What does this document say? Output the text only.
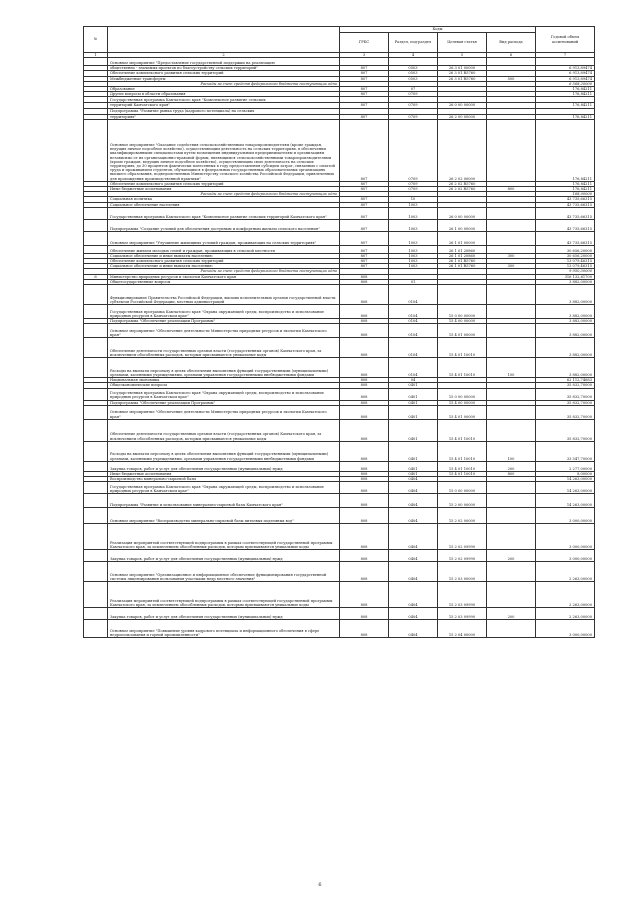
№		Коды				Годовой объем ассигнований
		ГРБС	Раздел, под-раздел	Целевая статья	Вид расхода	
1	2	3	4	5	6	7
	Основное мероприятие "Предоставление государственной поддержки на реализацию					
	общественно - значимых проектов по благоустройству сельских территорий"	807	0503	26 3 01 00000		6 913,89474
	Обеспечение комплексного развития сельских территорий	807	0503	26 3 01 R5760		6 913,89474
	Межбюджетные трансферты	807	0503	26 3 01 R5760	500	6 913,89474
	Расходы за счет средств федерального бюджета поступающих одно					6 568,20000
	Образование	807	07			176,84211
	Другие вопросы в области образования	807	0709			176,84211
	Государственная программа Камчатского края "Комплексное развитие сельских					
	территорий Камчатского края"	807	0709	26 0 00 00000		176,84211
	Подпрограмма "Развитие рынка труда (кадрового потенциала) на сельских					
	территориях"	807	0709	26 2 00 00000		176,84211
	Основное мероприятие "Оказание содействия сельскохозяйственным товаропроизводителям (кроме граждан, ведущих личное подсобное хозяйство), осуществляющим деятельность на сельских территориях, в обеспечении квалифицированными специалистами путем возмещения индивидуальным предпринимателям и организациям независимо от их организационно-правовой формы, являющимся сельскохозяйственными товаропроизводителями (кроме граждан, ведущих личное подсобное хозяйство), осуществляющим свою деятельность на сельских территориях, до 30 процентов фактически понесенных в году предоставления субсидии затрат, связанных с оплатой труда и проживанием студентов, обучающихся в федеральных государственных образовательных организациях высшего образования, подведомственных Министерству сельского хозяйства Российской Федерации, привлеченных для прохождения производственной практики"	807	0709	26 2 02 00000		176,84211
	Обеспечение комплексного развития сельских территорий	807	0709	26 2 02 R5760		176,84211
	Иные бюджетные ассигнования	807	0709	26 2 02 R5760	800	176,84211
	Расходы за счет средств федерального бюджета поступающих одно					168,00000
	Социальная политика	807	10			43 735,66315
	Социальное обеспечение населения	807	1003			43 735,66315
	Государственная программа Камчатского края "Комплексное развитие сельских территорий Камчатского края"	807	1003	26 0 00 00000		43 735,66315
	Подпрограмма "Создание условий для обеспечения доступным и комфортным жильем сельского населения"	807	1003	26 1 00 00000		43 735,66315
	Основное мероприятие "Улучшение жилищных условий граждан, проживающих на сельских территориях"	807	1003	26 1 01 00000		43 735,66315
	Обеспечение жильем молодых семей и граждан, проживающих в сельской местности	807	1003	26 1 01 20860		30 656,20000
	Социальное обеспечение и иные выплаты населению	807	1003	26 1 01 20860	300	30 656,20000
	Обеспечение комплексного развития сельских территорий	807	1003	26 1 01 R5760		13 079,46315
	Социальное обеспечение и иные выплаты населению	807	1003	26 1 01 R5760	300	13 079,46315
	Расходы за счет средств федерального бюджета поступающих одно					9 950,30000
6	Министерство природных ресурсов и экологии Камчатского края	808				316 132,61700
	Общегосударственные вопросы	808	01			3 882,00000
	Функционирование Правительства Российской Федерации, высших исполнительных органов государственной власти субъектов Российской Федерации, местных администраций	808	0104			3 882,00000
	Государственная программа Камчатского края "Охрана окружающей среды, воспроизводство и использование природных ресурсов в Камчатском крае"	808	0104	15 0 00 00000		3 882,00000
	Подпрограмма "Обеспечение реализации Программы"	808	0104	15 4 00 00000		3 882,00000
	Основное мероприятие "Обеспечение деятельности Министерства природных ресурсов и экологии Камчатского края"	808	0104	15 4 01 00000		3 882,00000
	Обеспечение деятельности государственных органов власти (государственных органов) Камчатского края, за исключением обособленных расходов, которым присваиваются уникальные коды	808	0104	15 4 01 10010		3 882,00000
	Расходы на выплаты персоналу в целях обеспечения выполнения функций государственными (муниципальными) органами, казенными учреждениями, органами управления государственными внебюджетными фондами	808	0104	15 4 01 10010	100	3 882,00000
	Национальная экономика	808	04			62 112,74683
	Общеэкономические вопросы	808	0401			35 832,70000
	Государственная программа Камчатского края "Охрана окружающей среды, воспроизводство и использование природных ресурсов в Камчатском крае"	808	0401	15 0 00 00000		35 832,70000
	Подпрограмма "Обеспечение реализации Программы"	808	0401	15 4 00 00000		35 832,70000
	Основное мероприятие "Обеспечение деятельности Министерства природных ресурсов и экологии Камчатского края"	808	0401	15 4 01 00000		35 832,70000
	Обеспечение деятельности государственных органов власти (государственных органов) Камчатского края, за исключением обособленных расходов, которым присваиваются уникальные коды	808	0401	15 4 01 10010		35 832,70000
	Расходы на выплаты персоналу в целях обеспечения выполнения функций государственными (муниципальными) органами, казенными учреждениями, органами управления государственными внебюджетными фондами	808	0401	15 4 01 10010	100	33 547,70000
	Закупка товаров, работ и услуг для обеспечения государственных (муниципальных) нужд	808	0401	15 4 01 10010	200	2 277,00000
	Иные бюджетные ассигнования	808	0401	15 4 01 10010	800	8,00000
	Воспроизводство минерально-сырьевой базы	808	0404			14 263,00000
	Государственная программа Камчатского края "Охрана окружающей среды, воспроизводство и использование природных ресурсов в Камчатском крае"	808	0404	15 0 00 00000		14 263,00000
	Подпрограмма "Развитие и использование минерально-сырьевой базы Камчатского края"	808	0404	15 2 00 00000		14 263,00000
	Основное мероприятие "Воспроизводство минерально-сырьевой базы питьевых подземных вод"	808	0404	15 2 02 00000		3 000,00000
	Реализация мероприятий соответствующей подпрограммы в рамках соответствующей государственной программы Камчатского края, за исключением обособленных расходов, которым присваиваются уникальные коды	808	0404	15 2 02 09990		3 000,00000
	Закупка товаров, работ и услуг для обеспечения государственных (муниципальных) нужд	808	0404	15 2 02 09990	200	3 000,00000
	Основное мероприятие "Организационное и информационное обеспечение функционирования государственной системы лицензирования пользования участками недр местного значения"	808	0404	15 2 03 00000		2 263,00000
	Реализация мероприятий соответствующей подпрограммы в рамках соответствующей государственной программы Камчатского края, за исключением обособленных расходов, которым присваиваются уникальные коды	808	0404	15 2 03 09990		2 263,00000
	Закупка товаров, работ и услуг для обеспечения государственных (муниципальных) нужд	808	0404	15 2 03 09990	200	2 263,00000
	Основное мероприятие "Повышение уровня кадрового потенциала и информационного обеспечения в сфере недропользования и горной промышленности"	808	0404	15 2 04 00000		3 000,00000
6
